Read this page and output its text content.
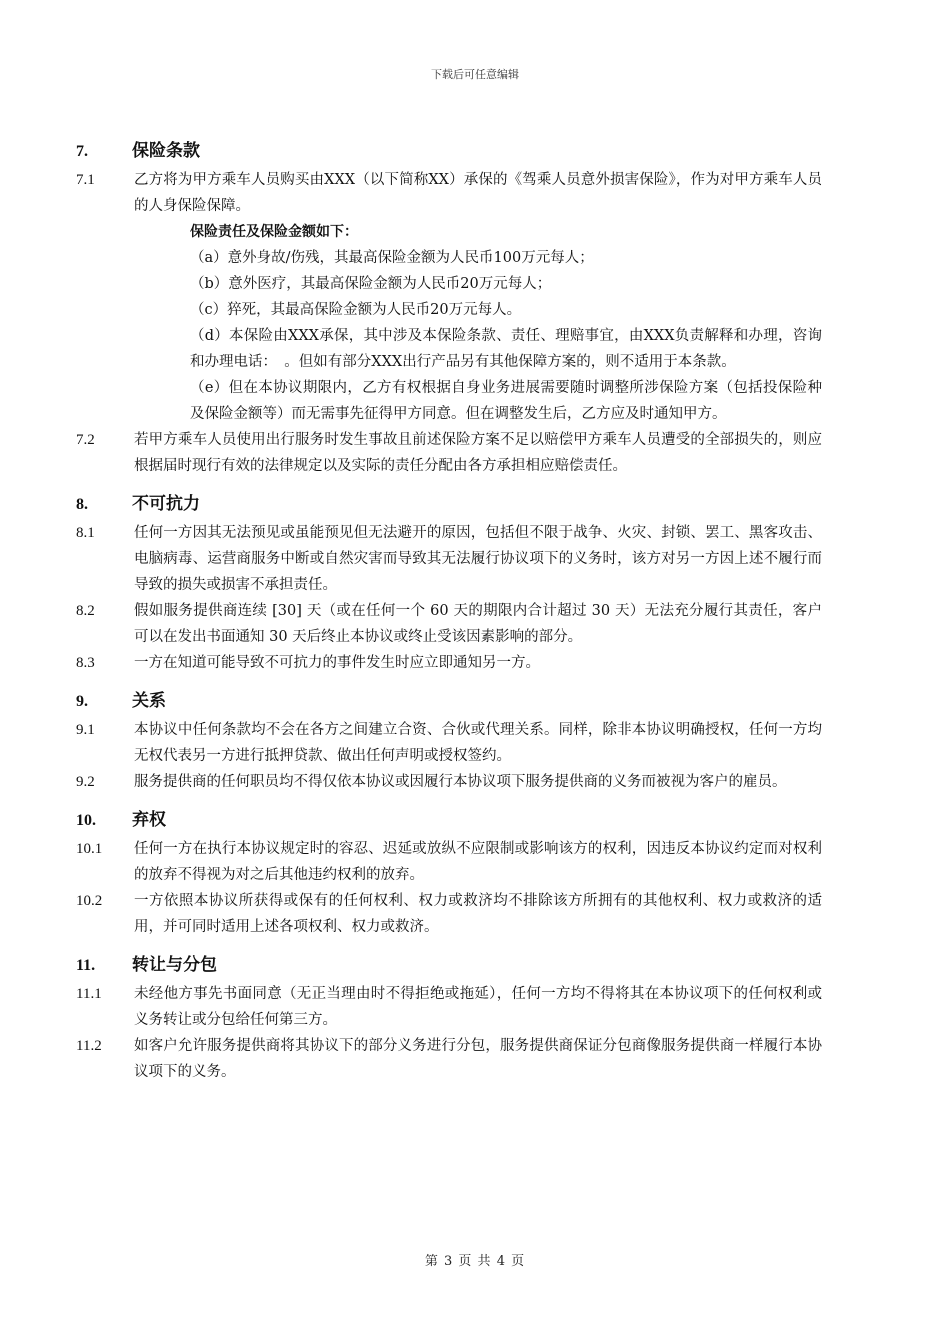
下载后可任意编辑
7.	保险条款
7.1	乙方将为甲方乘车人员购买由XXX（以下简称XX）承保的《驾乘人员意外损害保险》，作为对甲方乘车人员的人身保险保障。
保险责任及保险金额如下：
（a）意外身故/伤残，其最高保险金额为人民币100万元每人；
（b）意外医疗，其最高保险金额为人民币20万元每人；
（c）猝死，其最高保险金额为人民币20万元每人。
（d）本保险由XXX承保，其中涉及本保险条款、责任、理赔事宜，由XXX负责解释和办理，咨询和办理电话：　。但如有部分XXX出行产品另有其他保障方案的，则不适用于本条款。
（e）但在本协议期限内，乙方有权根据自身业务进展需要随时调整所涉保险方案（包括投保险种及保险金额等）而无需事先征得甲方同意。但在调整发生后，乙方应及时通知甲方。
7.2	若甲方乘车人员使用出行服务时发生事故且前述保险方案不足以赔偿甲方乘车人员遭受的全部损失的，则应根据届时现行有效的法律规定以及实际的责任分配由各方承担相应赔偿责任。
8.	不可抗力
8.1	任何一方因其无法预见或虽能预见但无法避开的原因，包括但不限于战争、火灾、封锁、罢工、黑客攻击、电脑病毒、运营商服务中断或自然灾害而导致其无法履行协议项下的义务时，该方对另一方因上述不履行而导致的损失或损害不承担责任。
8.2	假如服务提供商连续 [30] 天（或在任何一个 60 天的期限内合计超过 30 天）无法充分履行其责任，客户可以在发出书面通知 30 天后终止本协议或终止受该因素影响的部分。
8.3	一方在知道可能导致不可抗力的事件发生时应立即通知另一方。
9.	关系
9.1	本协议中任何条款均不会在各方之间建立合资、合伙或代理关系。同样，除非本协议明确授权，任何一方均无权代表另一方进行抵押贷款、做出任何声明或授权签约。
9.2	服务提供商的任何职员均不得仅依本协议或因履行本协议项下服务提供商的义务而被视为客户的雇员。
10.	弃权
10.1	任何一方在执行本协议规定时的容忍、迟延或放纵不应限制或影响该方的权利，因违反本协议约定而对权利的放弃不得视为对之后其他违约权利的放弃。
10.2	一方依照本协议所获得或保有的任何权利、权力或救济均不排除该方所拥有的其他权利、权力或救济的适用，并可同时适用上述各项权利、权力或救济。
11.	转让与分包
11.1	未经他方事先书面同意（无正当理由时不得拒绝或拖延），任何一方均不得将其在本协议项下的任何权利或义务转让或分包给任何第三方。
11.2	如客户允许服务提供商将其协议下的部分义务进行分包，服务提供商保证分包商像服务提供商一样履行本协议项下的义务。
第 3 页 共 4 页
